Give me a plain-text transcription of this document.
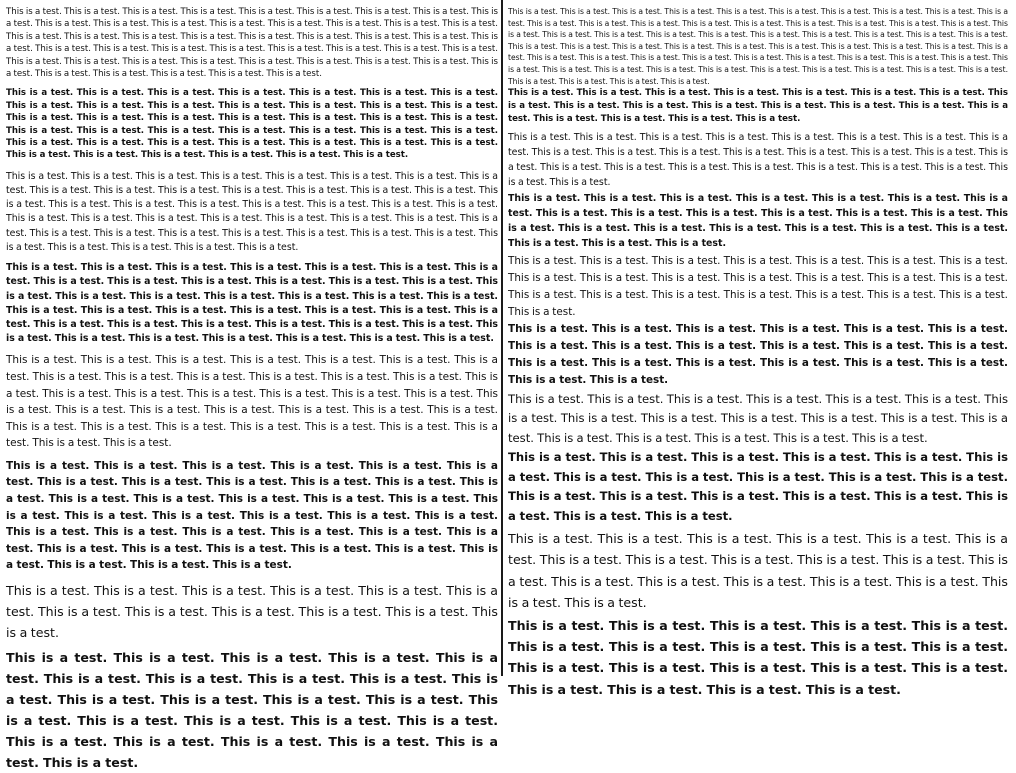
This is a test. This is a test. This is a test. This is a test. This is a test. This is a test. This is a test. This is a test. This is a test. This is a test. This is a test. This is a test. This is a test. This is a test. This is a test. This is a test. This is a test. This is a test. This is a test. This is a test. This is a test. This is a test. This is a test. This is a test. This is a test. This is a test. This is a test. This is a test. This is a test. This is a test. This is a test. This is a test. This is a test. This is a test. This is a test. This is a test. This is a test. This is a test. This is a test. This is a test. This is a test. This is a test. This is a test. This is a test. This is a test. This is a test. This is a test. This is a test.

This is a test. This is a test. This is a test. This is a test. This is a test. This is a test. This is a test. This is a test. This is a test. This is a test. This is a test. This is a test. This is a test. This is a test. This is a test. This is a test. This is a test. This is a test. This is a test. This is a test. This is a test. This is a test. This is a test. This is a test. This is a test. This is a test. This is a test. This is a test. This is a test. This is a test. This is a test. This is a test. This is a test. This is a test. This is a test. This is a test. This is a test. This is a test. This is a test. This is a test. This is a test.

This is a test. This is a test. This is a test. This is a test. This is a test. This is a test. This is a test. This is a test. This is a test. This is a test. This is a test. This is a test. This is a test. This is a test. This is a test. This is a test. This is a test. This is a test. This is a test. This is a test. This is a test. This is a test. This is a test. This is a test. This is a test. This is a test. This is a test. This is a test. This is a test. This is a test. This is a test. This is a test. This is a test. This is a test. This is a test. This is a test. This is a test. This is a test. This is a test. This is a test. This is a test. This is a test. This is a test.

This is a test. This is a test. This is a test. This is a test. This is a test. This is a test. This is a test. This is a test. This is a test. This is a test. This is a test. This is a test. This is a test. This is a test. This is a test. This is a test. This is a test. This is a test. This is a test. This is a test. This is a test. This is a test. This is a test. This is a test. This is a test. This is a test. This is a test. This is a test. This is a test. This is a test. This is a test. This is a test. This is a test. This is a test. This is a test. This is a test. This is a test. This is a test. This is a test. This is a test.

This is a test. This is a test. This is a test. This is a test. This is a test. This is a test. This is a test. This is a test. This is a test. This is a test. This is a test. This is a test. This is a test. This is a test. This is a test. This is a test. This is a test. This is a test. This is a test. This is a test. This is a test. This is a test. This is a test. This is a test. This is a test. This is a test. This is a test. This is a test. This is a test. This is a test. This is a test. This is a test. This is a test. This is a test. This is a test. This is a test.

This is a test. This is a test. This is a test. This is a test. This is a test. This is a test. This is a test. This is a test. This is a test. This is a test. This is a test. This is a test. This is a test. This is a test. This is a test. This is a test. This is a test. This is a test. This is a test. This is a test. This is a test. This is a test. This is a test. This is a test. This is a test. This is a test. This is a test. This is a test. This is a test. This is a test. This is a test. This is a test. This is a test. This is a test. This is a test. This is a test. This is a test. This is a test.

This is a test. This is a test. This is a test. This is a test. This is a test. This is a test. This is a test. This is a test. This is a test. This is a test. This is a test. This is a test.

This is a test. This is a test. This is a test. This is a test. This is a test. This is a test. This is a test. This is a test. This is a test. This is a test. This is a test. This is a test. This is a test. This is a test. This is a test. This is a test. This is a test. This is a test. This is a test. This is a test. This is a test. This is a test. This is a test. This is a test. This is a test.

This is a test. This is a test. This is a test. This is a test. This is a test. This is a test. This is a test. This is a test. This is a test. This is a test. This is a test. This is a test. This is a test. This is a test. This is a test. This is a test. This is a test. This is a test. This is a test. This is a test. This is a test. This is a test. This is a test. This is a test. This is a test. This is a test. This is a test. This is a test. This is a test. This is a test. This is a test. This is a test. This is a test. This is a test. This is a test. This is a test. This is a test. This is a test. This is a test. This is a test. This is a test. This is a test. This is a test. This is a test. This is a test. This is a test. This is a test. This is a test. This is a test. This is a test. This is a test. This is a test. This is a test. This is a test. This is a test. This is a test. This is a test. This is a test. This is a test. This is a test. This is a test. This is a test.

This is a test. This is a test. This is a test. This is a test. This is a test. This is a test. This is a test. This is a test. This is a test. This is a test. This is a test. This is a test. This is a test. This is a test. This is a test. This is a test. This is a test. This is a test. This is a test.

This is a test. This is a test. This is a test. This is a test. This is a test. This is a test. This is a test. This is a test. This is a test. This is a test. This is a test. This is a test. This is a test. This is a test. This is a test. This is a test. This is a test. This is a test. This is a test. This is a test. This is a test. This is a test. This is a test. This is a test. This is a test.

This is a test. This is a test. This is a test. This is a test. This is a test. This is a test. This is a test. This is a test. This is a test. This is a test. This is a test. This is a test. This is a test. This is a test. This is a test. This is a test. This is a test. This is a test. This is a test. This is a test. This is a test. This is a test. This is a test.

This is a test. This is a test. This is a test. This is a test. This is a test. This is a test. This is a test. This is a test. This is a test. This is a test. This is a test. This is a test. This is a test. This is a test. This is a test. This is a test. This is a test. This is a test. This is a test. This is a test. This is a test. This is a test.

This is a test. This is a test. This is a test. This is a test. This is a test. This is a test. This is a test. This is a test. This is a test. This is a test. This is a test. This is a test. This is a test. This is a test. This is a test. This is a test. This is a test. This is a test. This is a test. This is a test.

This is a test. This is a test. This is a test. This is a test. This is a test. This is a test. This is a test. This is a test. This is a test. This is a test. This is a test. This is a test. This is a test. This is a test. This is a test. This is a test. This is a test. This is a test.

This is a test. This is a test. This is a test. This is a test. This is a test. This is a test. This is a test. This is a test. This is a test. This is a test. This is a test. This is a test. This is a test. This is a test. This is a test. This is a test. This is a test. This is a test. This is a test.

This is a test. This is a test. This is a test. This is a test. This is a test. This is a test. This is a test. This is a test. This is a test. This is a test. This is a test. This is a test. This is a test. This is a test. This is a test. This is a test. This is a test. This is a test. This is a test.

This is a test. This is a test. This is a test. This is a test. This is a test. This is a test. This is a test. This is a test. This is a test. This is a test. This is a test. This is a test. This is a test. This is a test. This is a test. This is a test. This is a test. This is a test. This is a test.
